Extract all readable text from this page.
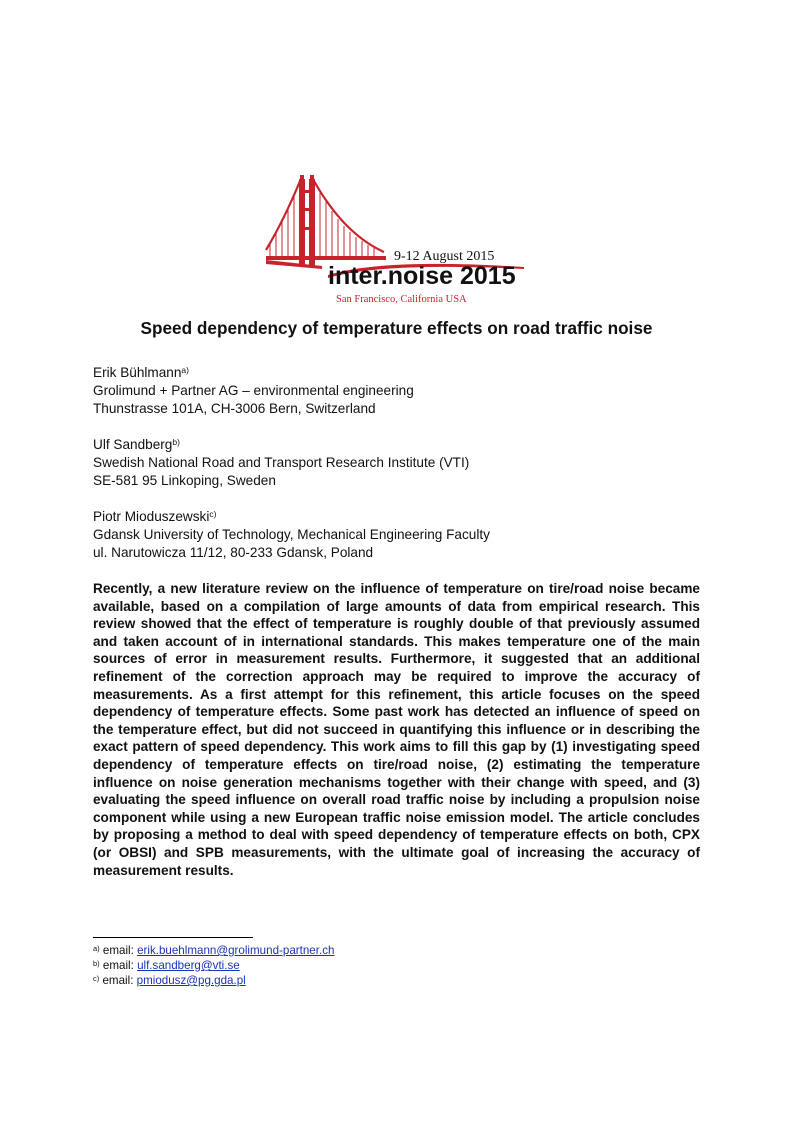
9-12 August 2015
inter.noise 2015
San Francisco, California USA
Speed dependency of temperature effects on road traffic noise
Erik Bühlmann$^{a)}$
Grolimund + Partner AG – environmental engineering
Thunstrasse 101A, CH-3006 Bern, Switzerland
Ulf Sandberg$^{b)}$
Swedish National Road and Transport Research Institute (VTI)
SE-581 95 Linkoping, Sweden
Piotr Mioduszewski$^{c)}$
Gdansk University of Technology, Mechanical Engineering Faculty
ul. Narutowicza 11/12, 80-233 Gdansk, Poland

Recently, a new literature review on the influence of temperature on tire/road noise became available, based on a compilation of large amounts of data from empirical research. This review showed that the effect of temperature is roughly double of that previously assumed and taken account of in international standards. This makes temperature one of the main sources of error in measurement results. Furthermore, it suggested that an additional refinement of the correction approach may be required to improve the accuracy of measurements. As a first attempt for this refinement, this article focuses on the speed dependency of temperature effects. Some past work has detected an influence of speed on the temperature effect, but did not succeed in quantifying this influence or in describing the exact pattern of speed dependency. This work aims to fill this gap by (1) investigating speed dependency of temperature effects on tire/road noise, (2) estimating the temperature influence on noise generation mechanisms together with their change with speed, and (3) evaluating the speed influence on overall road traffic noise by including a propulsion noise component while using a new European traffic noise emission model. The article concludes by proposing a method to deal with speed dependency of temperature effects on both, CPX (or OBSI) and SPB measurements, with the ultimate goal of increasing the accuracy of measurement results.

$^{a)}$ email: erik.buehlmann@grolimund-partner.ch
$^{b)}$ email: ulf.sandberg@vti.se
$^{c)}$ email: pmiodusz@pg.gda.pl
